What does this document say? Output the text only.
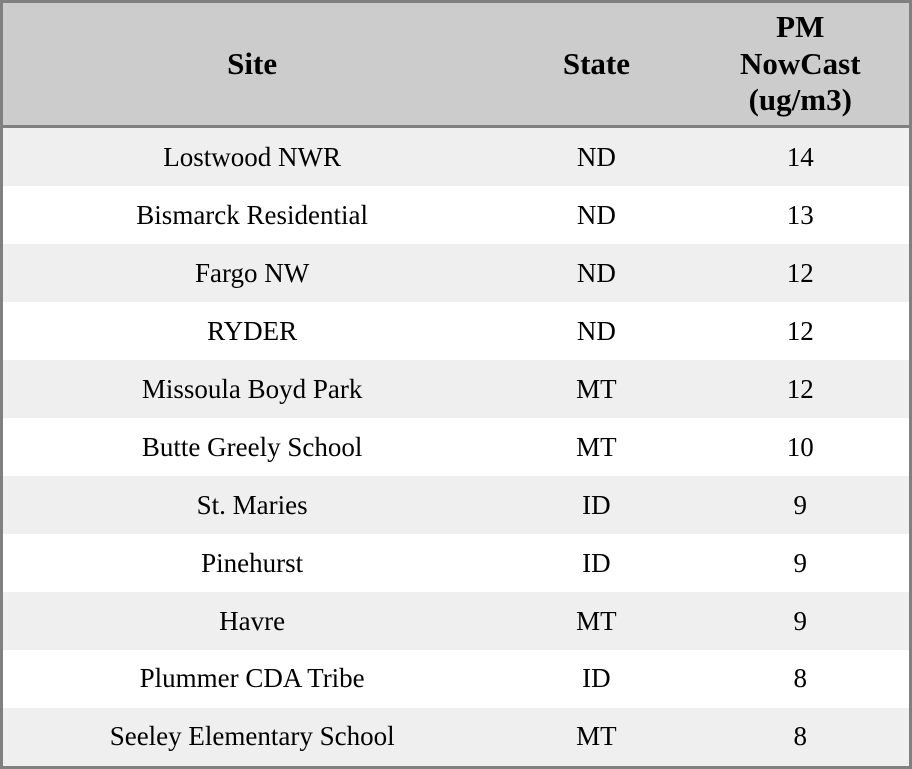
Site	State	PM
NowCast
(ug/m3)

Lostwood NWR	ND	14
Bismarck Residential	ND	13
Fargo NW	ND	12
RYDER	ND	12
Missoula Boyd Park	MT	12
Butte Greely School	MT	10
St. Maries	ID	9
Pinehurst	ID	9
Havre	MT	9
Plummer CDA Tribe	ID	8
Seeley Elementary School	MT	8
